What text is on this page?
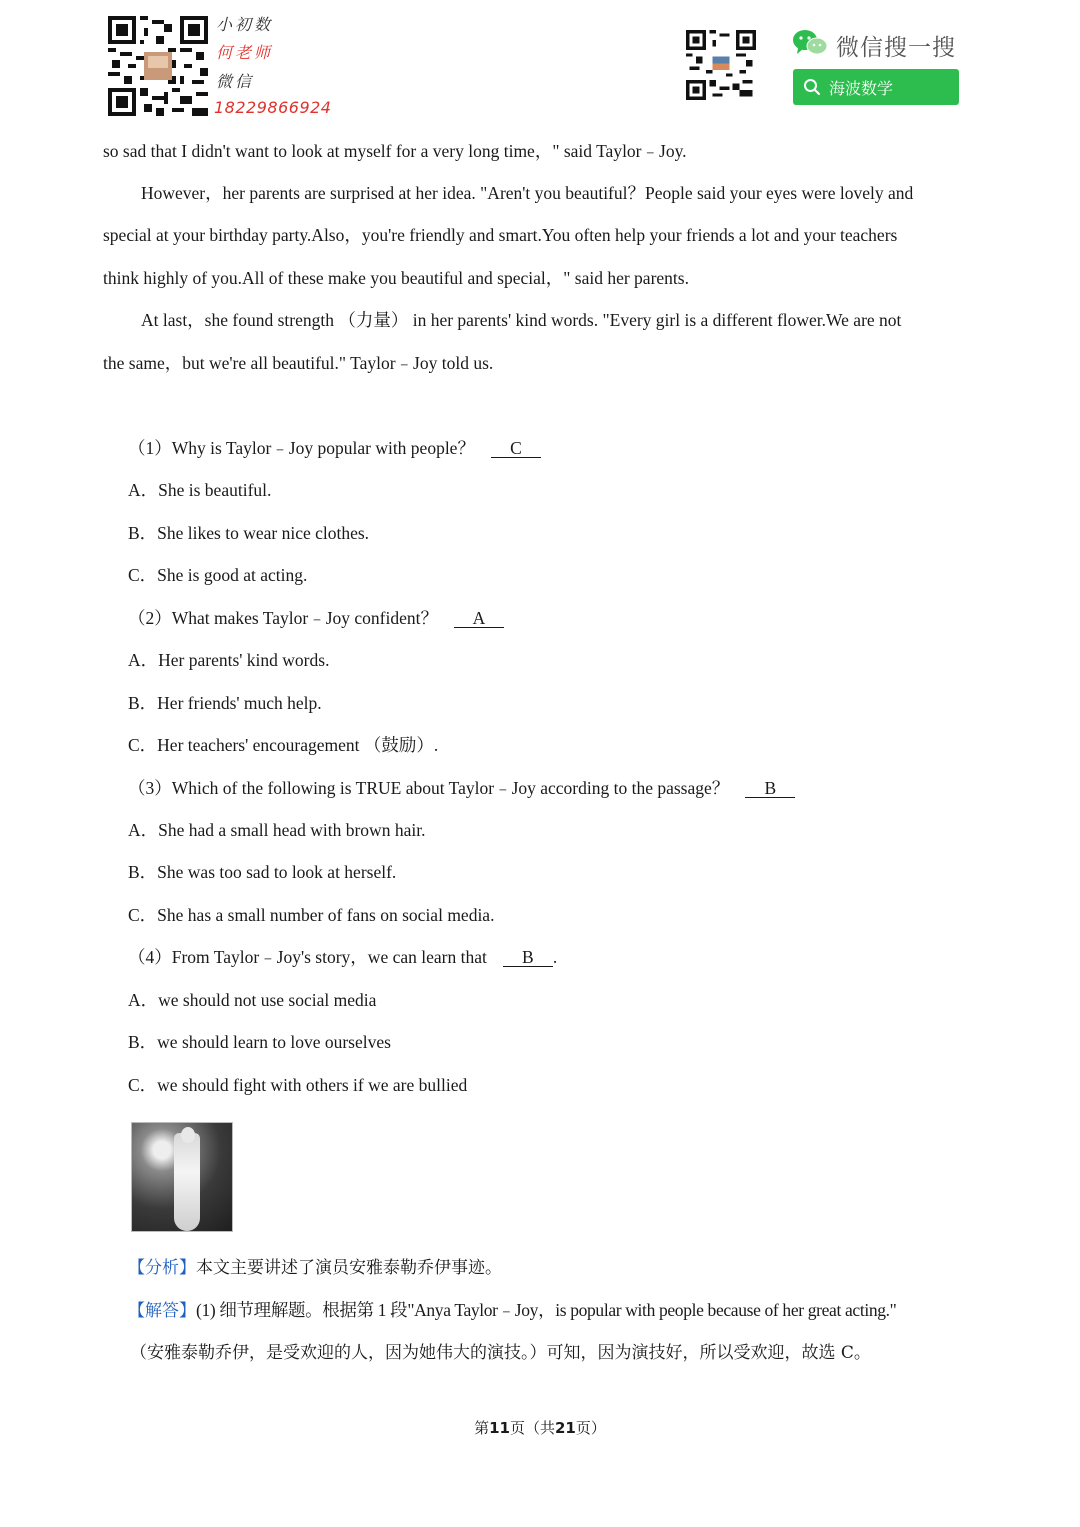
小初数
何老师
微信
18229866924
微信搜一搜
海波数学
so sad that I didn't want to look at myself for a very long time，" said Taylor﹣Joy.
However，her parents are surprised at her idea. "Aren't you beautiful？People said your eyes were lovely and
special at your birthday party.Also，you're friendly and smart.You often help your friends a lot and your teachers
think highly of you.All of these make you beautiful and special，" said her parents.
At last，she found strength （力量） in her parents' kind words. "Every girl is a different flower.We are not
the same，but we're all beautiful." Taylor﹣Joy told us.
（1）Why is Taylor﹣Joy popular with people？ C
A．She is beautiful.
B．She likes to wear nice clothes.
C．She is good at acting.
（2）What makes Taylor﹣Joy confident？ A
A．Her parents' kind words.
B．Her friends' much help.
C．Her teachers' encouragement （鼓励）.
（3）Which of the following is TRUE about Taylor﹣Joy according to the passage？ B
A．She had a small head with brown hair.
B．She was too sad to look at herself.
C．She has a small number of fans on social media.
（4）From Taylor﹣Joy's story，we can learn that B .
A．we should not use social media
B．we should learn to love ourselves
C．we should fight with others if we are bullied
【分析】本文主要讲述了演员安雅泰勒乔伊事迹。
【解答】(1) 细节理解题。根据第 1 段"Anya Taylor﹣Joy，is popular with people because of her great acting."
（安雅泰勒乔伊，是受欢迎的人，因为她伟大的演技。）可知，因为演技好，所以受欢迎，故选 C。
第11页（共21页）
